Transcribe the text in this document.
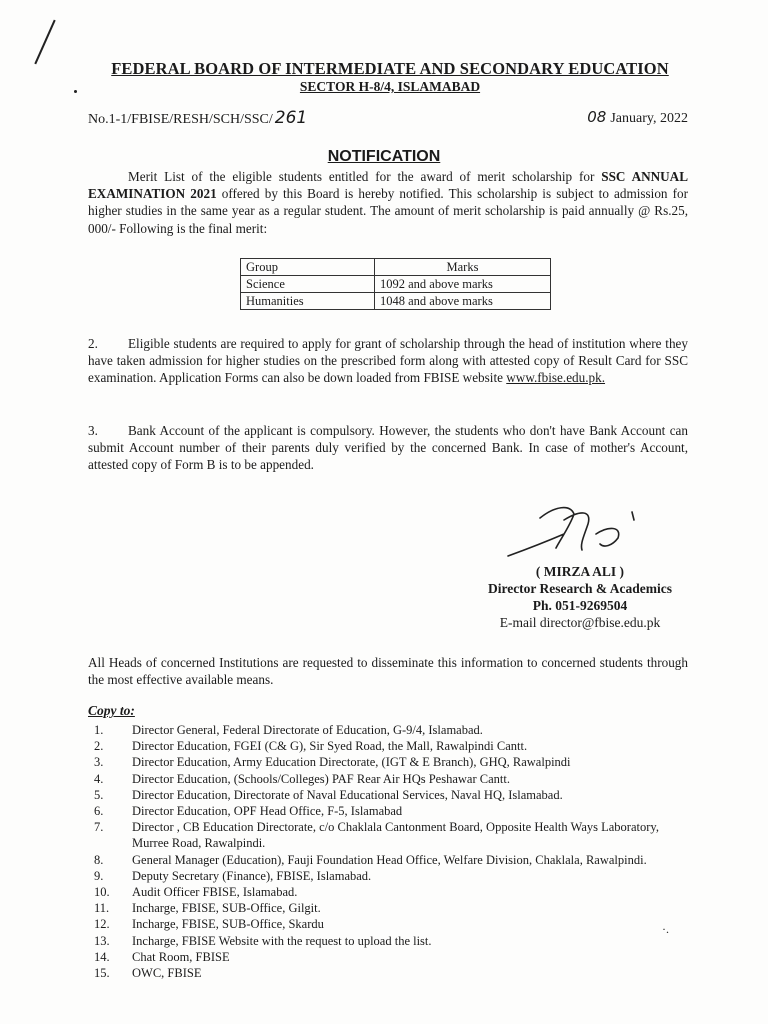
FEDERAL BOARD OF INTERMEDIATE AND SECONDARY EDUCATION
SECTOR H-8/4, ISLAMABAD
No.1-1/FBISE/RESH/SCH/SSC/ 261	08 January, 2022
NOTIFICATION
Merit List of the eligible students entitled for the award of merit scholarship for SSC ANNUAL EXAMINATION 2021 offered by this Board is hereby notified. This scholarship is subject to admission for higher studies in the same year as a regular student. The amount of merit scholarship is paid annually @ Rs.25, 000/- Following is the final merit:
Group	Marks
Science	1092 and above marks
Humanities	1048 and above marks
2. Eligible students are required to apply for grant of scholarship through the head of institution where they have taken admission for higher studies on the prescribed form along with attested copy of Result Card for SSC examination. Application Forms can also be down loaded from FBISE website www.fbise.edu.pk.
3. Bank Account of the applicant is compulsory. However, the students who don't have Bank Account can submit Account number of their parents duly verified by the concerned Bank. In case of mother's Account, attested copy of Form B is to be appended.
( MIRZA ALI )
Director Research & Academics
Ph. 051-9269504
E-mail director@fbise.edu.pk
All Heads of concerned Institutions are requested to disseminate this information to concerned students through the most effective available means.
Copy to:
1.	Director General, Federal Directorate of Education, G-9/4, Islamabad.
2.	Director Education, FGEI (C& G), Sir Syed Road, the Mall, Rawalpindi Cantt.
3.	Director Education, Army Education Directorate, (IGT & E Branch), GHQ, Rawalpindi
4.	Director Education, (Schools/Colleges) PAF Rear Air HQs Peshawar Cantt.
5.	Director Education, Directorate of Naval Educational Services, Naval HQ, Islamabad.
6.	Director Education, OPF Head Office, F-5, Islamabad
7.	Director , CB Education Directorate, c/o Chaklala Cantonment Board, Opposite Health Ways Laboratory, Murree Road, Rawalpindi.
8.	General Manager (Education), Fauji Foundation Head Office, Welfare Division, Chaklala, Rawalpindi.
9.	Deputy Secretary (Finance), FBISE, Islamabad.
10.	Audit Officer FBISE, Islamabad.
11.	Incharge, FBISE, SUB-Office, Gilgit.
12.	Incharge, FBISE, SUB-Office, Skardu
13.	Incharge, FBISE Website with the request to upload the list.
14.	Chat Room, FBISE
15.	OWC, FBISE
·.
